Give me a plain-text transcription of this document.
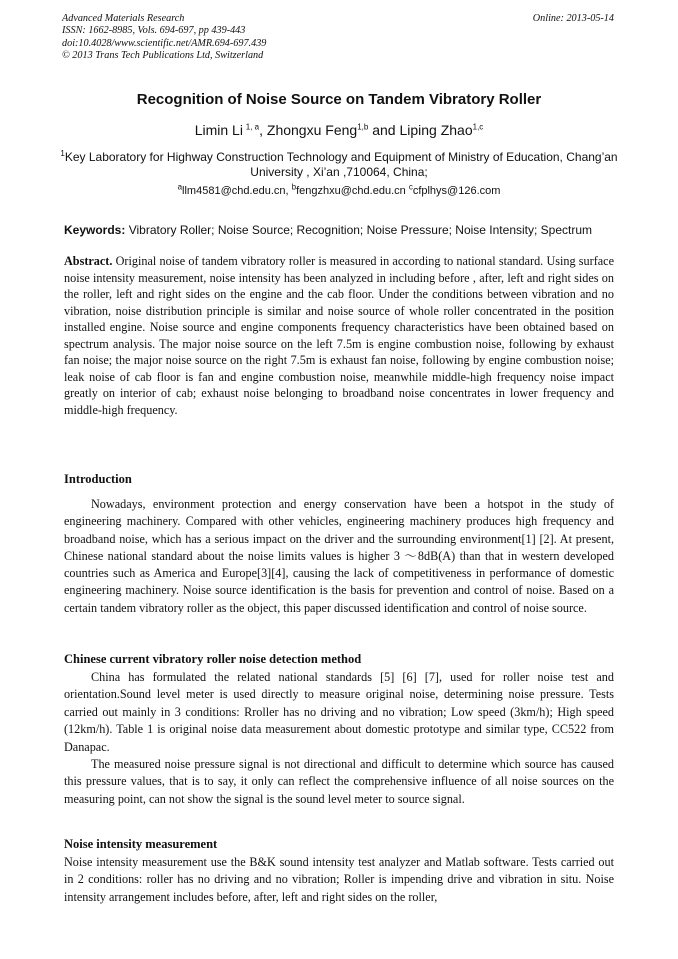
Advanced Materials Research
ISSN: 1662-8985, Vols. 694-697, pp 439-443
doi:10.4028/www.scientific.net/AMR.694-697.439
© 2013 Trans Tech Publications Ltd, Switzerland
Online: 2013-05-14
Recognition of Noise Source on Tandem Vibratory Roller
Limin Li  $^{1, a}$, Zhongxu Feng$^{1,b}$ and Liping Zhao$^{1,c}$
$^1$Key Laboratory for Highway Construction Technology and Equipment of Ministry of Education, Chang’an University , Xi’an ,710064, China;
$^a$llm4581@chd.edu.cn, $^b$fengzhxu@chd.edu.cn $^c$cfplhys@126.com
Keywords: Vibratory Roller; Noise Source; Recognition; Noise Pressure; Noise Intensity; Spectrum
Abstract. Original noise of tandem vibratory roller is measured in according to national standard. Using surface noise intensity measurement, noise intensity has been analyzed in including before , after, left and right sides on the roller, left and right sides on the engine and the cab floor. Under the conditions between vibration and no vibration, noise distribution principle is similar and noise source of whole roller concentrated in the position installed engine. Noise source and engine components frequency characteristics have been obtained based on spectrum analysis. The major noise source on the left 7.5m is engine combustion noise, following by exhaust fan noise; the major noise source on the right 7.5m is exhaust fan noise, following by engine combustion noise; leak noise of cab floor is fan and engine combustion noise, meanwhile middle-high frequency noise impact greatly on interior of cab; exhaust noise belonging to broadband noise concentrates in lower frequency and middle-high frequency.
Introduction
Nowadays, environment protection and energy conservation have been a hotspot in the study of engineering machinery. Compared with other vehicles, engineering machinery produces high frequency and broadband noise, which has a serious impact on the driver and the surrounding environment[1] [2]. At present, Chinese national standard about the noise limits values is higher 3 ～8dB(A) than that in western developed countries such as America and Europe[3][4], causing the lack of competitiveness in performance of domestic engineering machinery. Noise source identification is the basis for prevention and control of noise. Based on a certain tandem vibratory roller as the object, this paper discussed identification and control of noise source.
Chinese current vibratory roller noise detection method
China has formulated the related national standards [5] [6] [7], used for roller noise test and orientation.Sound level meter is used directly to measure original noise, determining noise pressure. Tests carried out mainly in 3 conditions: Rroller has no driving and no vibration; Low speed (3km/h); High speed (12km/h). Table 1 is original noise data measurement about domestic prototype and similar type, CC522 from Danapac.
The measured noise pressure signal is not directional and difficult to determine which source has caused this pressure values, that is to say, it only can reflect the comprehensive influence of all noise sources on the measuring point, can not show the signal is the sound level meter to source signal.
Noise intensity measurement
Noise intensity measurement use the B&K sound intensity test analyzer and Matlab software. Tests carried out in 2 conditions: roller has no driving and no vibration; Roller is impending drive and vibration in situ. Noise intensity arrangement includes before, after, left and right sides on the roller,
